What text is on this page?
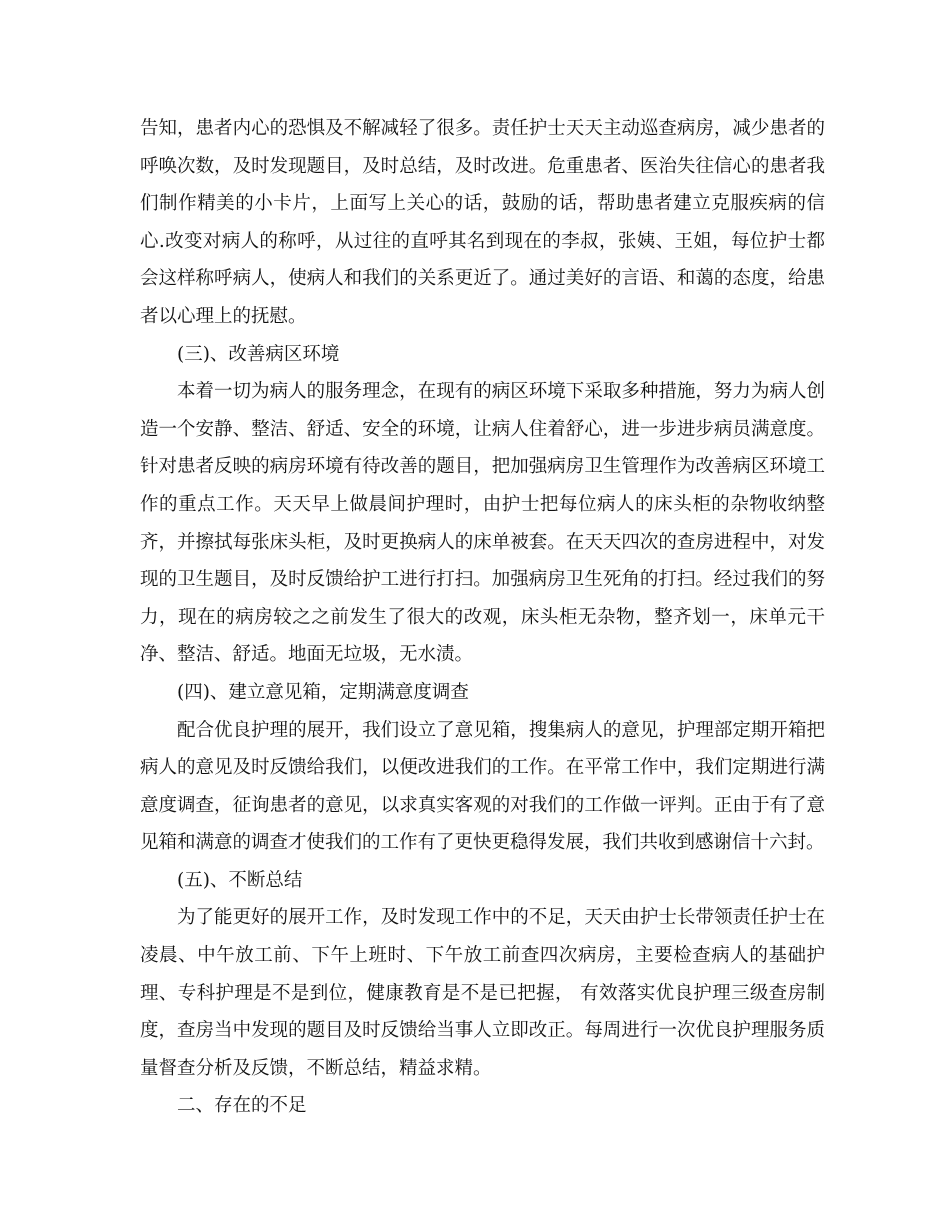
告知，患者内心的恐惧及不解减轻了很多。责任护士天天主动巡查病房，减少患者的呼唤次数，及时发现题目，及时总结，及时改进。危重患者、医治失往信心的患者我们制作精美的小卡片，上面写上关心的话，鼓励的话，帮助患者建立克服疾病的信心.改变对病人的称呼，从过往的直呼其名到现在的李叔，张姨、王姐，每位护士都会这样称呼病人，使病人和我们的关系更近了。通过美好的言语、和蔼的态度，给患者以心理上的抚慰。

(三)、改善病区环境

本着一切为病人的服务理念，在现有的病区环境下采取多种措施，努力为病人创造一个安静、整洁、舒适、安全的环境，让病人住着舒心，进一步进步病员满意度。针对患者反映的病房环境有待改善的题目，把加强病房卫生管理作为改善病区环境工作的重点工作。天天早上做晨间护理时，由护士把每位病人的床头柜的杂物收纳整齐，并擦拭每张床头柜，及时更换病人的床单被套。在天天四次的查房进程中，对发现的卫生题目，及时反馈给护工进行打扫。加强病房卫生死角的打扫。经过我们的努力，现在的病房较之之前发生了很大的改观，床头柜无杂物，整齐划一，床单元干净、整洁、舒适。地面无垃圾，无水渍。

(四)、建立意见箱，定期满意度调查

配合优良护理的展开，我们设立了意见箱，搜集病人的意见，护理部定期开箱把病人的意见及时反馈给我们，以便改进我们的工作。在平常工作中，我们定期进行满意度调查，征询患者的意见，以求真实客观的对我们的工作做一评判。正由于有了意见箱和满意的调查才使我们的工作有了更快更稳得发展，我们共收到感谢信十六封。

(五)、不断总结

为了能更好的展开工作，及时发现工作中的不足，天天由护士长带领责任护士在凌晨、中午放工前、下午上班时、下午放工前查四次病房，主要检查病人的基础护理、专科护理是不是到位，健康教育是不是已把握， 有效落实优良护理三级查房制度，查房当中发现的题目及时反馈给当事人立即改正。每周进行一次优良护理服务质量督查分析及反馈，不断总结，精益求精。

二、存在的不足
